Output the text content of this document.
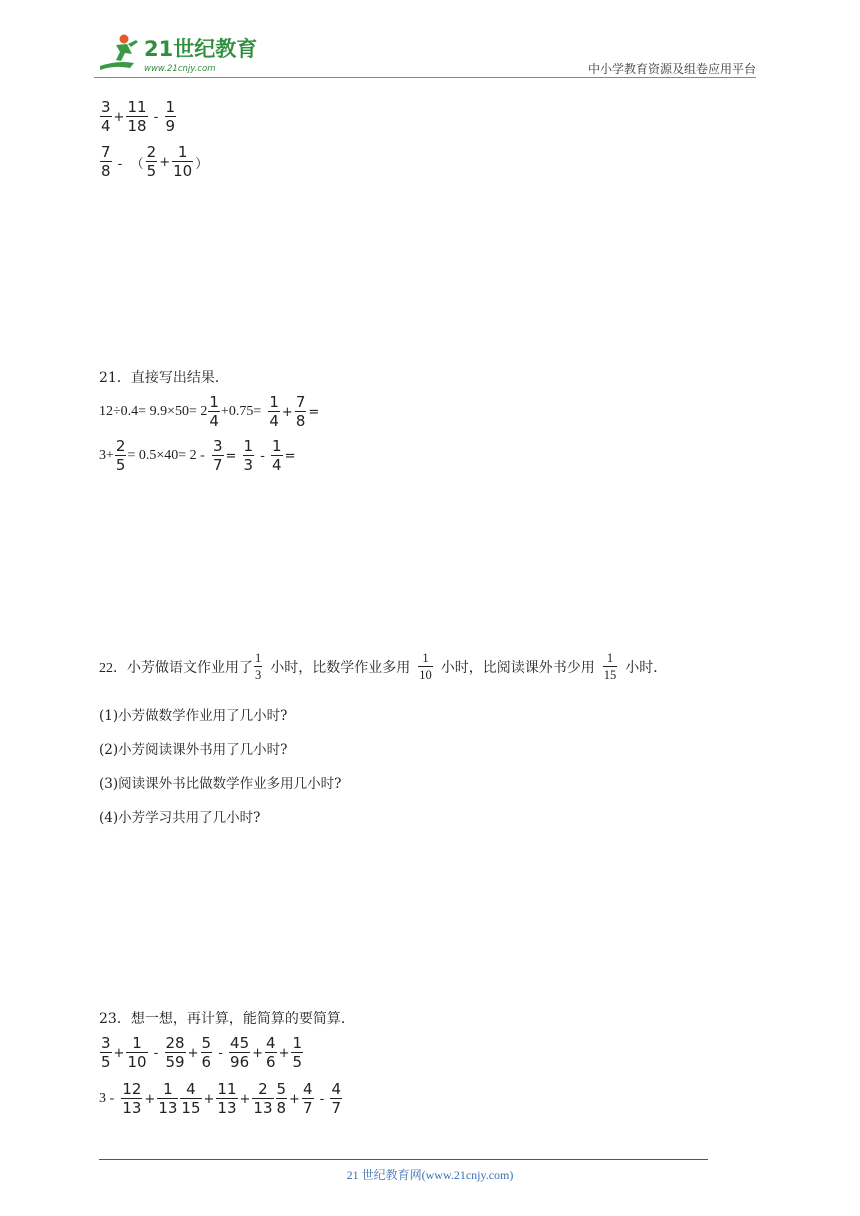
21世纪教育
www.21cnjy.com	中小学教育资源及组卷应用平台
$\frac{3}{4} + \frac{11}{18} - \frac{1}{9}$
$\frac{7}{8}$ -  （ $\frac{2}{5} + \frac{1}{10}$ ）
21．直接写出结果．
$12\div 0.4= 9.9\times 50= 2 \frac{1}{4} +0.75=$
$\frac{1}{4} + \frac{7}{8}$ =
$3+ \frac{2}{5} = 0.5\times 40= 2$ -
$\frac{3}{7} = \frac{1}{3} - \frac{1}{4}$ =
22．小芳做语文作业用了 $\frac{1}{3}$
小时，比数学作业多用
$\frac{1}{10}$
小时，比阅读课外书少用
$\frac{1}{15}$
小时．
(1)小芳做数学作业用了几小时?
(2)小芳阅读课外书用了几小时?
(3)阅读课外书比做数学作业多用几小时?
(4)小芳学习共用了几小时?
23．想一想，再计算，能简算的要简算．
$\frac{3}{5} + \frac{1}{10} - \frac{28}{59} + \frac{5}{6} - \frac{45}{96} + \frac{4}{6} + \frac{1}{5}$
3 -
$\frac{12}{13} + \frac{1}{13} \frac{4}{15} + \frac{11}{13} + \frac{2}{13} \frac{5}{8} + \frac{4}{7} - \frac{4}{7}$
21 世纪教育网(www.21cnjy.com)
